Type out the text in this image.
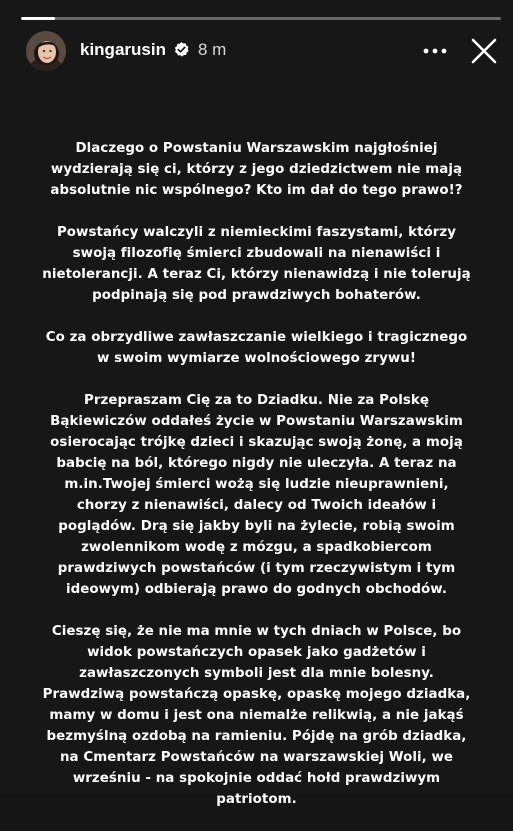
kingarusin 8 m
Dlaczego o Powstaniu Warszawskim najgłośniej
wydzierają się ci, którzy z jego dziedzictwem nie mają
absolutnie nic wspólnego? Kto im dał do tego prawo!?
Powstańcy walczyli z niemieckimi faszystami, którzy
swoją filozofię śmierci zbudowali na nienawiści i
nietolerancji. A teraz Ci, którzy nienawidzą i nie tolerują
podpinają się pod prawdziwych bohaterów.
Co za obrzydliwe zawłaszczanie wielkiego i tragicznego
w swoim wymiarze wolnościowego zrywu!
Przepraszam Cię za to Dziadku. Nie za Polskę
Bąkiewiczów oddałeś życie w Powstaniu Warszawskim
osierocając trójkę dzieci i skazując swoją żonę, a moją
babcię na ból, którego nigdy nie uleczyła. A teraz na
m.in.Twojej śmierci wożą się ludzie nieuprawnieni,
chorzy z nienawiści, dalecy od Twoich ideałów i
poglądów. Drą się jakby byli na żylecie, robią swoim
zwolennikom wodę z mózgu, a spadkobiercom
prawdziwych powstańców (i tym rzeczywistym i tym
ideowym) odbierają prawo do godnych obchodów.
Cieszę się, że nie ma mnie w tych dniach w Polsce, bo
widok powstańczych opasek jako gadżetów i
zawłaszczonych symboli jest dla mnie bolesny.
Prawdziwą powstańczą opaskę, opaskę mojego dziadka,
mamy w domu i jest ona niemalże relikwią, a nie jakąś
bezmyślną ozdobą na ramieniu. Pójdę na grób dziadka,
na Cmentarz Powstańców na warszawskiej Woli, we
wrześniu - na spokojnie oddać hołd prawdziwym
patriotom.
